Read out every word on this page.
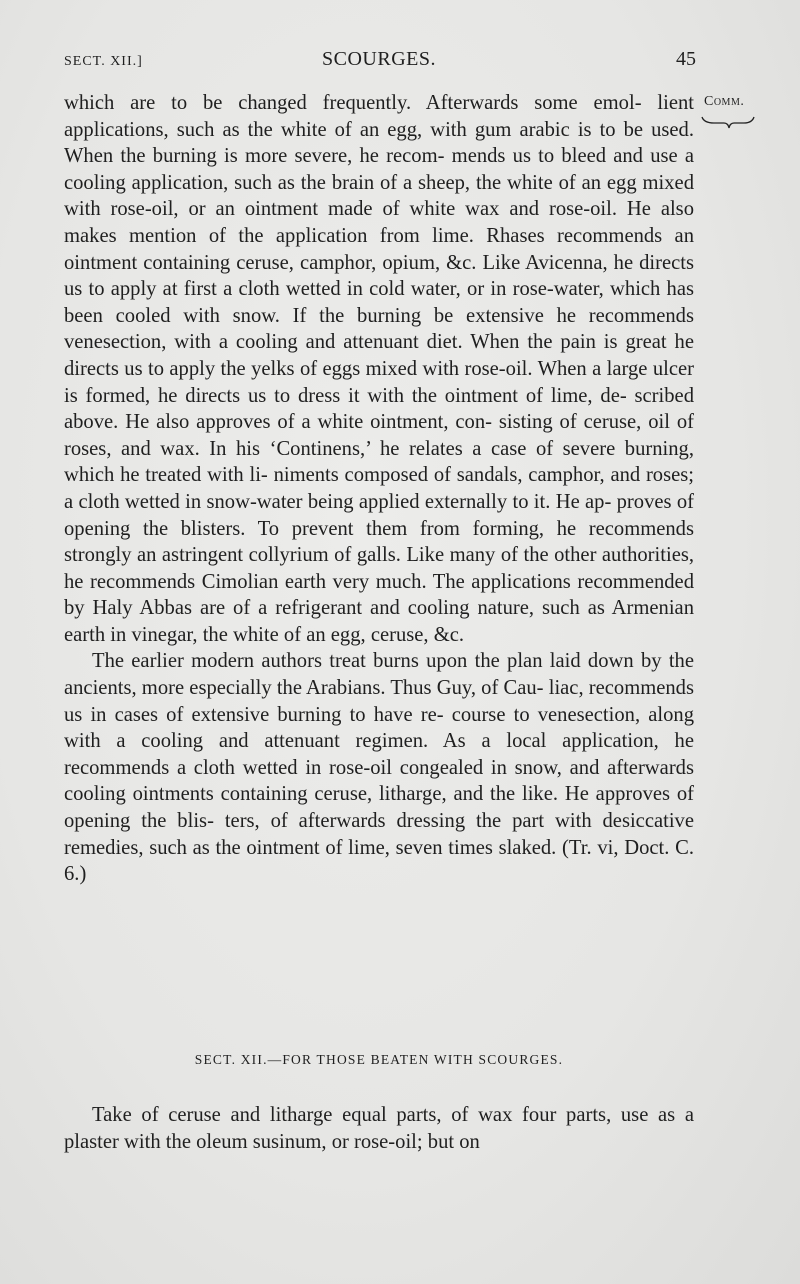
SECT. XII.]	SCOURGES.	45
Comm.

which are to be changed frequently. Afterwards some emol- lient applications, such as the white of an egg, with gum arabic is to be used. When the burning is more severe, he recom- mends us to bleed and use a cooling application, such as the brain of a sheep, the white of an egg mixed with rose-oil, or an ointment made of white wax and rose-oil. He also makes mention of the application from lime. Rhases recommends an ointment containing ceruse, camphor, opium, &c. Like Avicenna, he directs us to apply at first a cloth wetted in cold water, or in rose-water, which has been cooled with snow. If the burning be extensive he recommends venesection, with a cooling and attenuant diet. When the pain is great he directs us to apply the yelks of eggs mixed with rose-oil. When a large ulcer is formed, he directs us to dress it with the ointment of lime, de- scribed above. He also approves of a white ointment, con- sisting of ceruse, oil of roses, and wax. In his ‘Continens,’ he relates a case of severe burning, which he treated with li- niments composed of sandals, camphor, and roses; a cloth wetted in snow-water being applied externally to it. He ap- proves of opening the blisters. To prevent them from forming, he recommends strongly an astringent collyrium of galls. Like many of the other authorities, he recommends Cimolian earth very much. The applications recommended by Haly Abbas are of a refrigerant and cooling nature, such as Armenian earth in vinegar, the white of an egg, ceruse, &c.

The earlier modern authors treat burns upon the plan laid down by the ancients, more especially the Arabians. Thus Guy, of Cau- liac, recommends us in cases of extensive burning to have re- course to venesection, along with a cooling and attenuant regimen. As a local application, he recommends a cloth wetted in rose-oil congealed in snow, and afterwards cooling ointments containing ceruse, litharge, and the like. He approves of opening the blis- ters, of afterwards dressing the part with desiccative remedies, such as the ointment of lime, seven times slaked. (Tr. vi, Doct. C. 6.)

SECT. XII.—FOR THOSE BEATEN WITH SCOURGES.
Take of ceruse and litharge equal parts, of wax four parts, use as a plaster with the oleum susinum, or rose-oil; but on
